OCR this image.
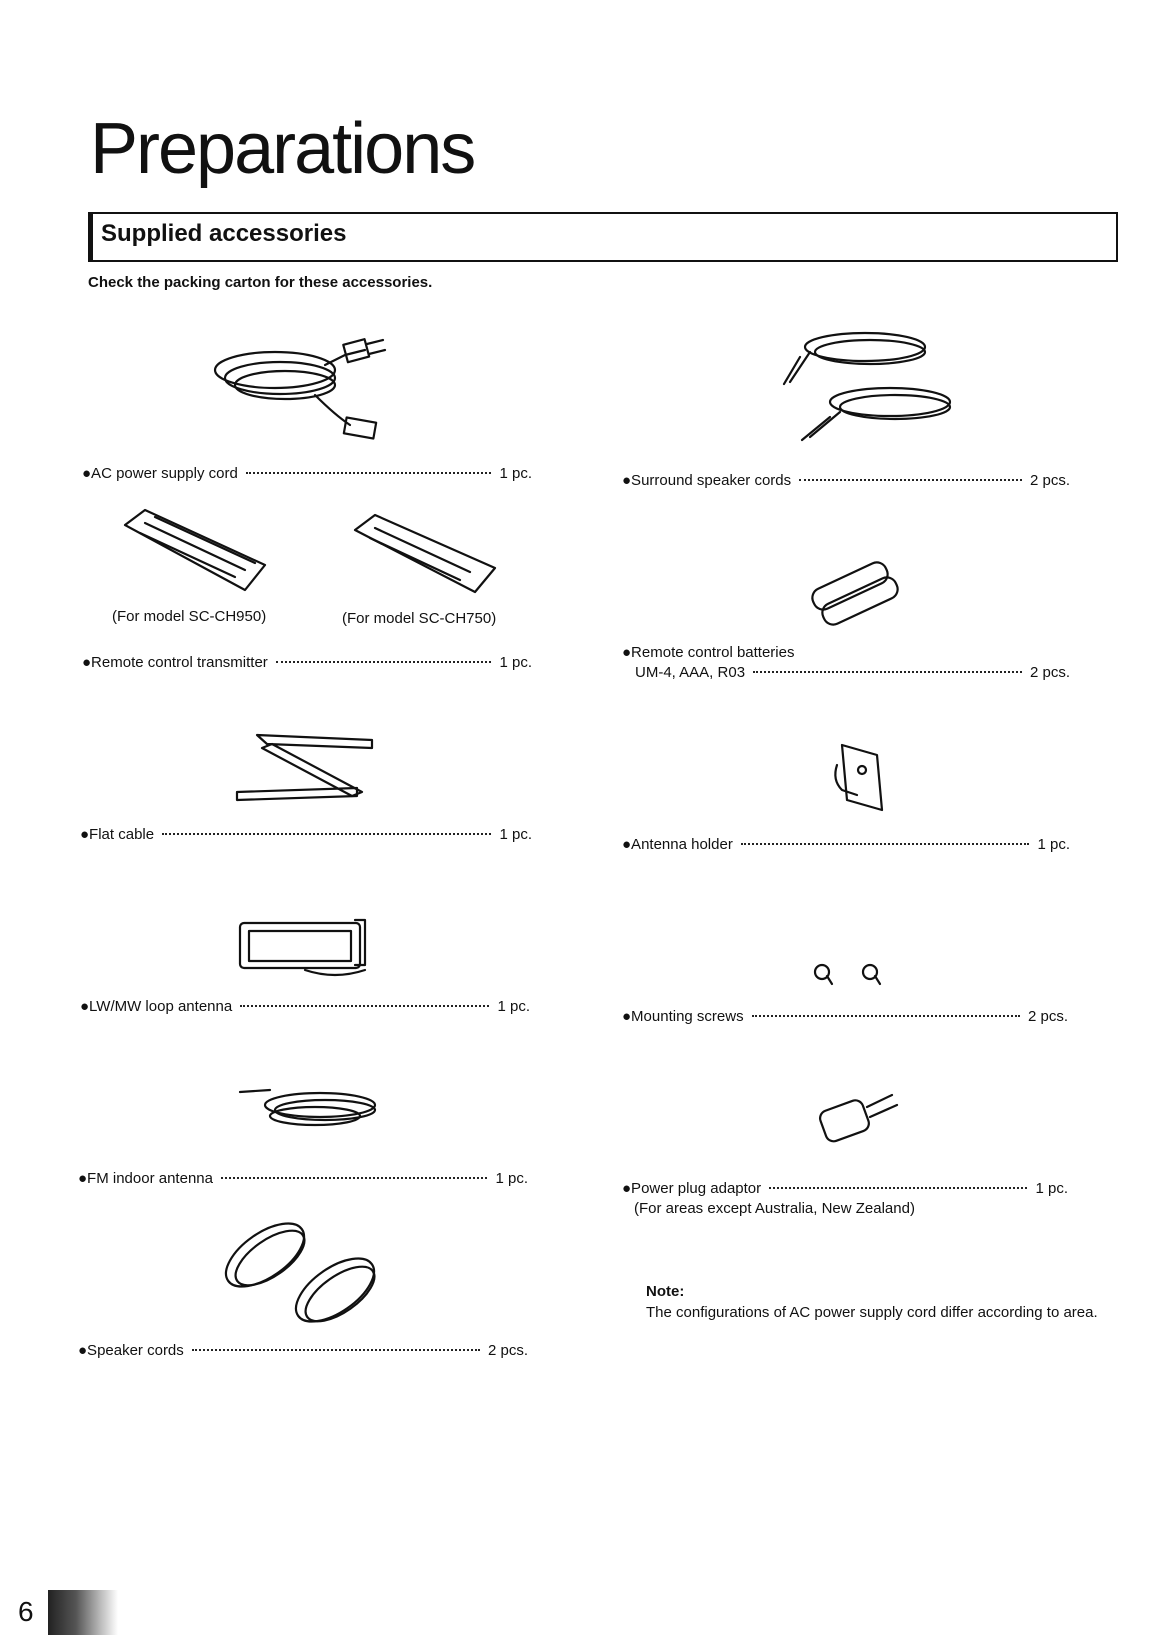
Preparations
Supplied accessories
Check the packing carton for these accessories.
●AC power supply cord	1 pc.
(For model SC-CH950)	(For model SC-CH750)
●Remote control transmitter	1 pc.
●Flat cable	1 pc.
●LW/MW loop antenna	1 pc.
●FM indoor antenna	1 pc.
●Speaker cords	2 pcs.
●Surround speaker cords	2 pcs.
●Remote control batteries
UM-4, AAA, R03	2 pcs.
●Antenna holder	1 pc.
●Mounting screws	2 pcs.
●Power plug adaptor	1 pc.
(For areas except Australia, New Zealand)
Note:
The configurations of AC power supply cord differ according to area.
6
